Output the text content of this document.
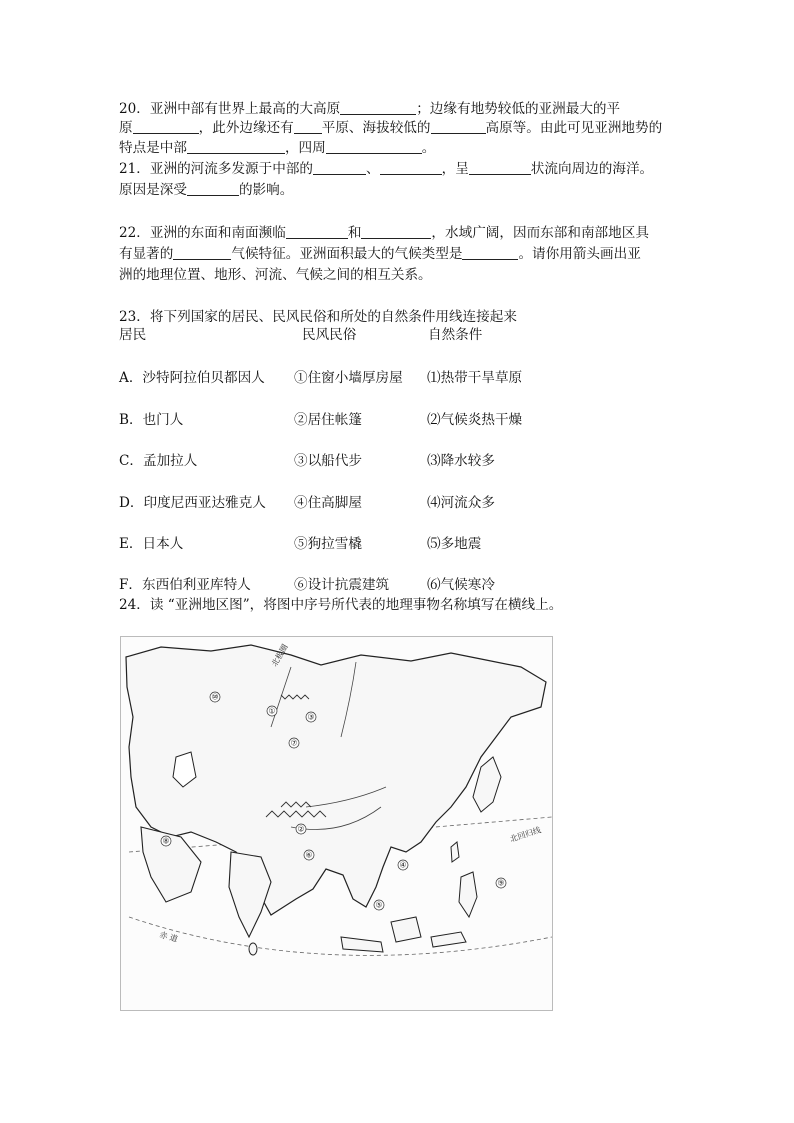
20．亚洲中部有世界上最高的大高原	；边缘有地势较低的亚洲最大的平
原	，此外边缘还有 平原、海拔较低的	高原等。由此可见亚洲地势的
特点是中部	，四周	。
21．亚洲的河流多发源于中部的	、	，呈	状流向周边的海洋。
原因是深受	的影响。
22．亚洲的东面和南面濒临	和	，水域广阔，因而东部和南部地区具
有显著的	气候特征。亚洲面积最大的气候类型是	。请你用箭头画出亚
洲的地理位置、地形、河流、气候之间的相互关系。
23．将下列国家的居民、民风民俗和所处的自然条件用线连接起来
居民	民风民俗	自然条件
A．沙特阿拉伯贝都因人 ①住窗小墙厚房屋 ⑴热带干旱草原
B．也门人	②居住帐篷	⑵气候炎热干燥
C．孟加拉人	③以船代步	⑶降水较多
D．印度尼西亚达雅克人 ④住高脚屋	⑷河流众多
E．日本人	⑤狗拉雪橇	⑸多地震
F．东西伯利亚库特人	⑥设计抗震建筑	⑹气候寒冷
24．读 “亚洲地区图”，将图中序号所代表的地理事物名称填写在横线上。
北极圈
北回归线
赤 道
①
②
③
④
⑤
⑥
⑦
⑧
⑨
⑩
